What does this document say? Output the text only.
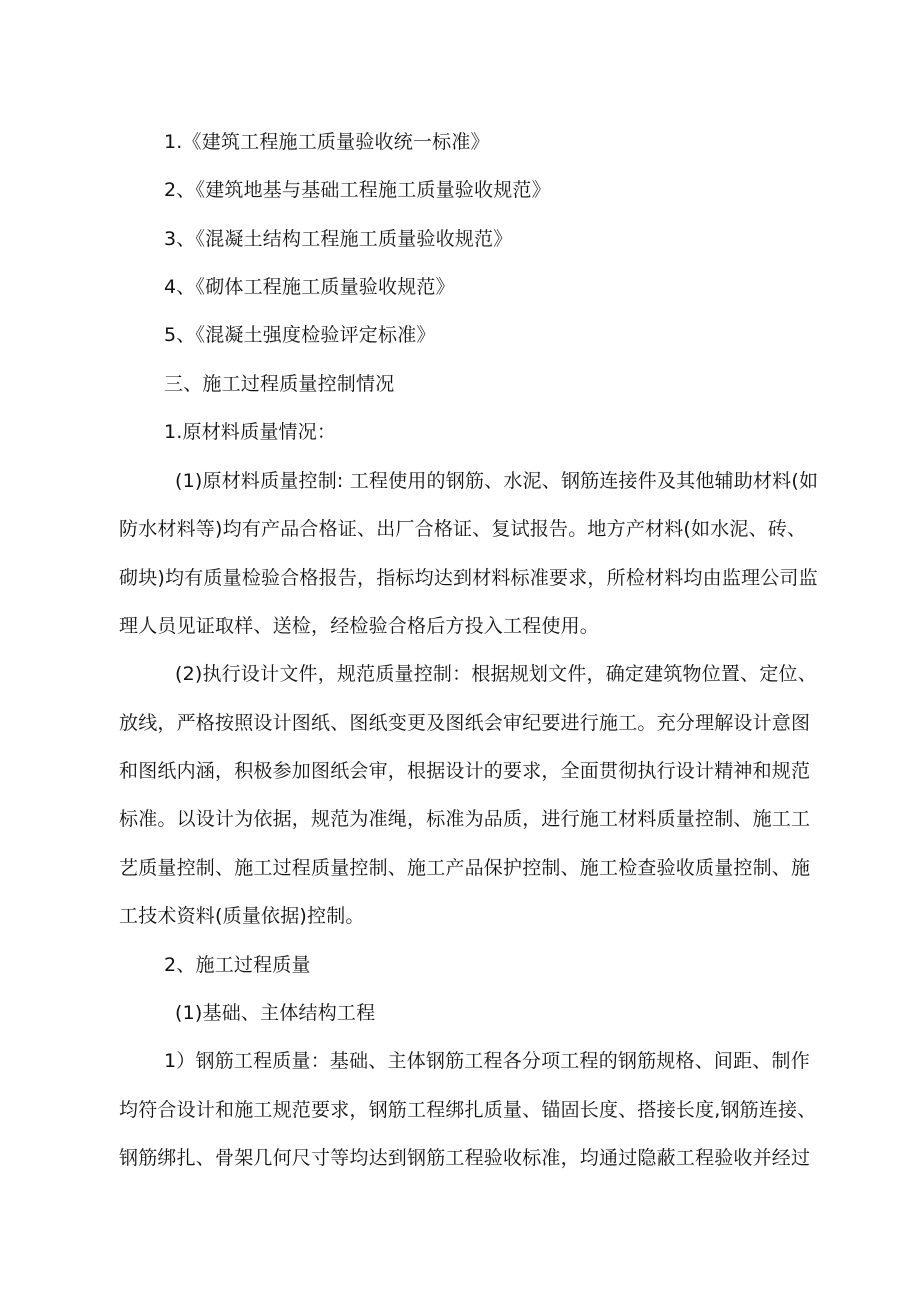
1.《建筑工程施工质量验收统一标准》
2、《建筑地基与基础工程施工质量验收规范》
3、《混凝土结构工程施工质量验收规范》
4、《砌体工程施工质量验收规范》
5、《混凝土强度检验评定标准》
三、施工过程质量控制情况
1.原材料质量情况：
(1)原材料质量控制: 工程使用的钢筋、水泥、钢筋连接件及其他辅助材料(如
防水材料等)均有产品合格证、出厂合格证、复试报告。地方产材料(如水泥、砖、
砌块)均有质量检验合格报告，指标均达到材料标准要求，所检材料均由监理公司监
理人员见证取样、送检，经检验合格后方投入工程使用。
(2)执行设计文件，规范质量控制：根据规划文件，确定建筑物位置、定位、
放线，严格按照设计图纸、图纸变更及图纸会审纪要进行施工。充分理解设计意图
和图纸内涵，积极参加图纸会审，根据设计的要求，全面贯彻执行设计精神和规范
标准。以设计为依据，规范为准绳，标准为品质，进行施工材料质量控制、施工工
艺质量控制、施工过程质量控制、施工产品保护控制、施工检查验收质量控制、施
工技术资料(质量依据)控制。
2、施工过程质量
(1)基础、主体结构工程
1）钢筋工程质量：基础、主体钢筋工程各分项工程的钢筋规格、间距、制作
均符合设计和施工规范要求，钢筋工程绑扎质量、锚固长度、搭接长度,钢筋连接、
钢筋绑扎、骨架几何尺寸等均达到钢筋工程验收标准，均通过隐蔽工程验收并经过
